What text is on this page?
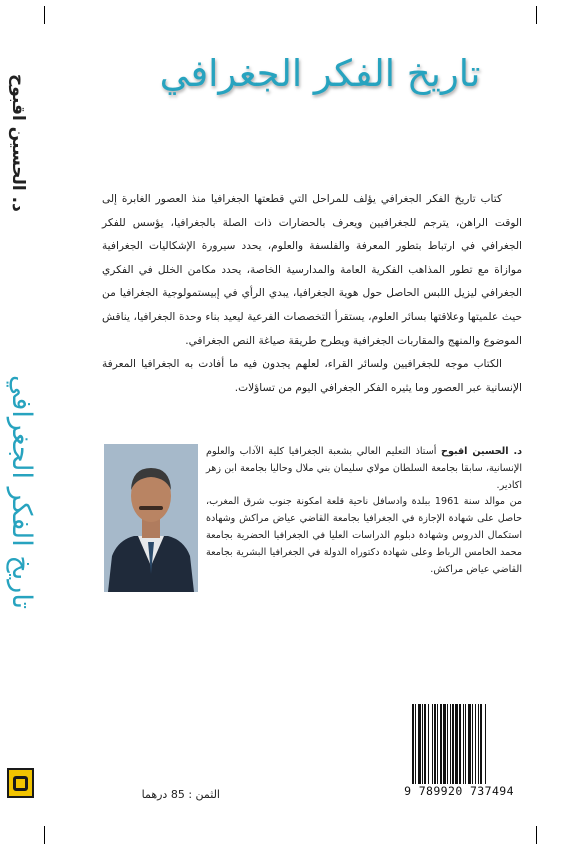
د. الحسين اقبوح
تاريخ الفكر الجغرافي
تاريخ الفكر الجغرافي

كتاب تاريخ الفكر الجغرافي يؤلف للمراحل التي قطعتها الجغرافيا منذ العصور الغابرة إلى الوقت الراهن، يترجم للجغرافيين ويعرف بالحضارات ذات الصلة بالجغرافيا، يؤسس للفكر الجغرافي في ارتباط بتطور المعرفة والفلسفة والعلوم، يحدد سيرورة الإشكاليات الجغرافية موازاة مع تطور المذاهب الفكرية العامة والمدارسية الخاصة، يحدد مكامن الخلل في الفكري الجغرافي ليزيل اللبس الحاصل حول هوية الجغرافيا، يبدي الرأي في إبيستمولوجية الجغرافيا من حيث علميتها وعلاقتها بسائر العلوم، يستقرأ التخصصات الفرعية ليعيد بناء وحدة الجغرافيا، يناقش الموضوع والمنهج والمقاربات الجغرافية ويطرح طريقة صياغة النص الجغرافي.

الكتاب موجه للجغرافيين ولسائر القراء، لعلهم يجدون فيه ما أفادت به الجغرافيا المعرفة الإنسانية عبر العصور وما يثيره الفكر الجغرافي اليوم من تساؤلات.

د. الحسين اقبوح أستاذ التعليم العالي بشعبة الجغرافيا كلية الآداب والعلوم الإنسانية، سابقا بجامعة السلطان مولاي سليمان بني ملال وحاليا بجامعة ابن زهر اكادير.

من موالد سنة 1961 ببلدة وادسافل ناحية قلعة امكونة جنوب شرق المغرب، حاصل على شهادة الإجازة في الجغرافيا بجامعة القاضي عياض مراكش وشهادة استكمال الدروس وشهادة دبلوم الدراسات العليا في الجغرافيا الحضرية بجامعة محمد الخامس الرباط وعلى شهادة دكتوراه الدولة في الجغرافيا البشرية بجامعة القاضي عياض مراكش.

9 789920 737494
الثمن : 85 درهما
